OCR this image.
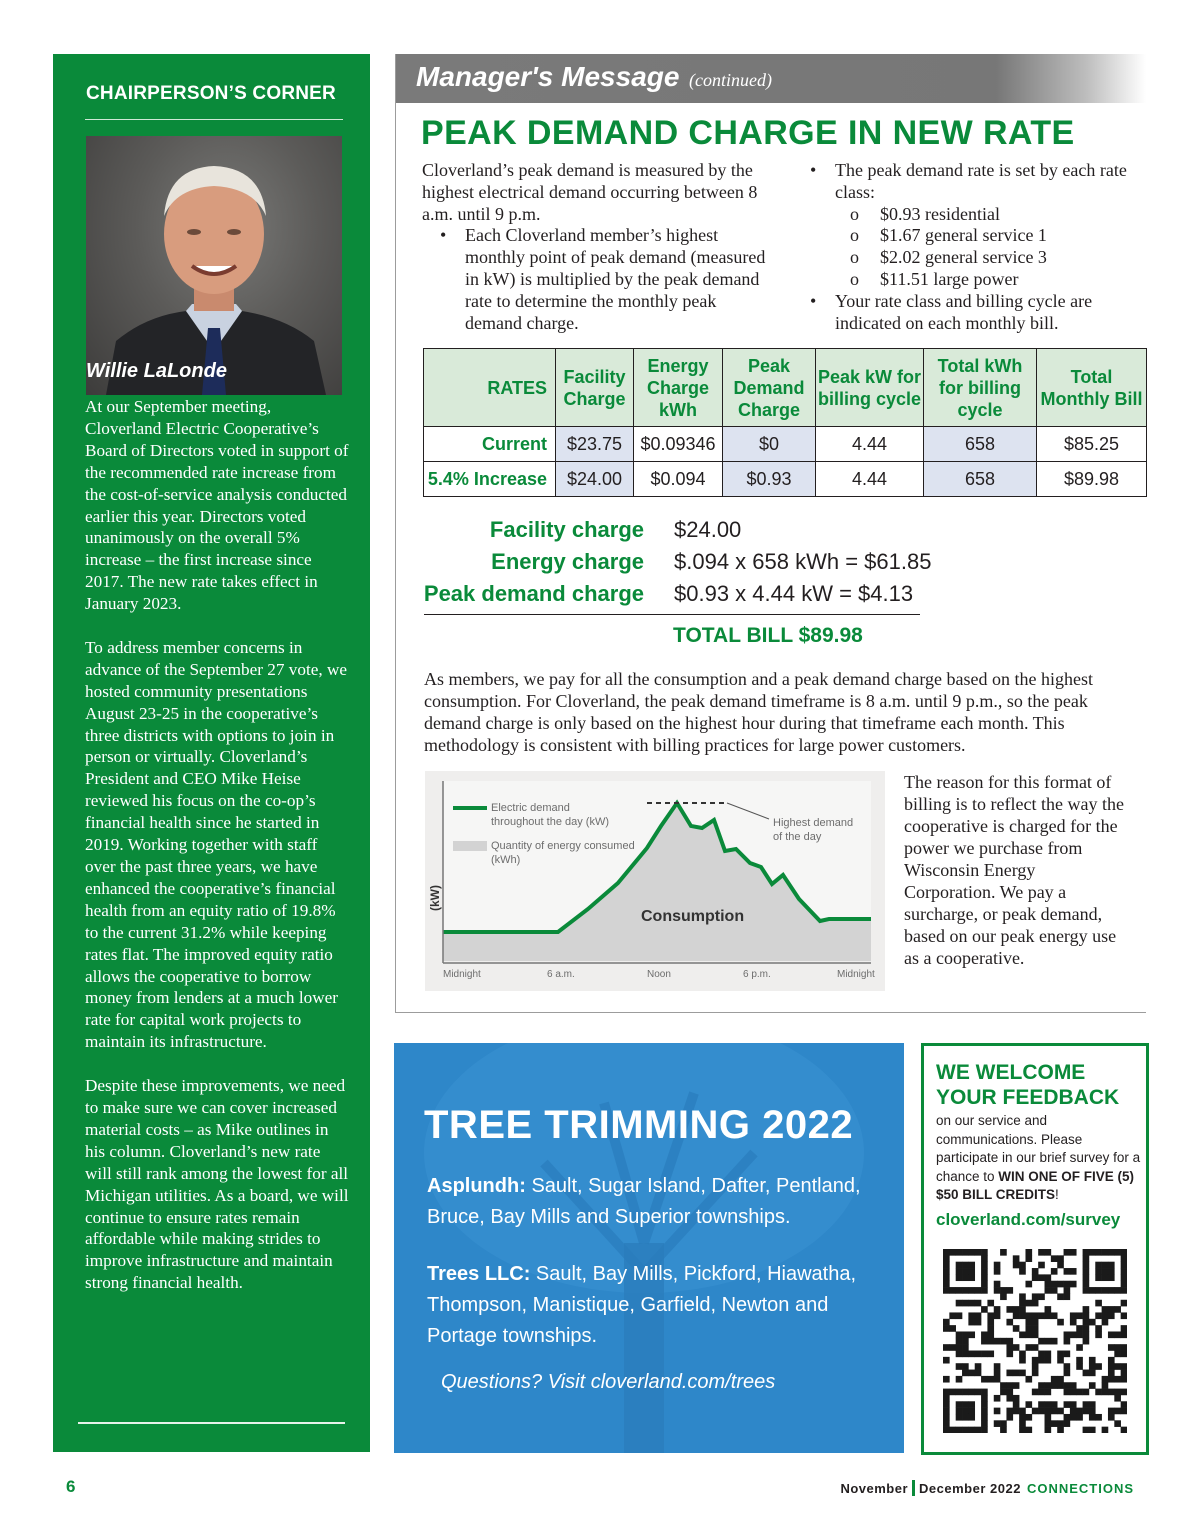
CHAIRPERSON’S CORNER
Willie LaLonde

At our September meeting, Cloverland Electric Cooperative’s Board of Directors voted in support of the recommended rate increase from the cost-of-service analysis conducted earlier this year. Directors voted unanimously on the overall 5% increase – the first increase since 2017. The new rate takes effect in January 2023.

To address member concerns in advance of the September 27 vote, we hosted community presentations August 23-25 in the cooperative’s three districts with options to join in person or virtually. Cloverland’s President and CEO Mike Heise reviewed his focus on the co-op’s financial health since he started in 2019. Working together with staff over the past three years, we have enhanced the cooperative’s financial health from an equity ratio of 19.8% to the current 31.2% while keeping rates flat. The improved equity ratio allows the cooperative to borrow money from lenders at a much lower rate for capital work projects to maintain its infrastructure.

Despite these improvements, we need to make sure we can cover increased material costs – as Mike outlines in his column. Cloverland’s new rate will still rank among the lowest for all Michigan utilities. As a board, we will continue to ensure rates remain affordable while making strides to improve infrastructure and maintain strong financial health.

Manager's Message (continued)
PEAK DEMAND CHARGE IN NEW RATE
Cloverland’s peak demand is measured by the highest electrical demand occurring between 8 a.m. until 9 p.m.
• Each Cloverland member’s highest monthly point of peak demand (measured in kW) is multiplied by the peak demand rate to determine the monthly peak demand charge.
• The peak demand rate is set by each rate class:
o $0.93 residential
o $1.67 general service 1
o $2.02 general service 3
o $11.51 large power
• Your rate class and billing cycle are indicated on each monthly bill.
RATES	Facility Charge	Energy Charge kWh	Peak Demand Charge	Peak kW for billing cycle	Total kWh for billing cycle	Total Monthly Bill
Current	$23.75	$0.09346	$0	4.44	658	$85.25
5.4% Increase	$24.00	$0.094	$0.93	4.44	658	$89.98
Facility charge $24.00
Energy charge $.094 x 658 kWh = $61.85
Peak demand charge $0.93 x 4.44 kW = $4.13
TOTAL BILL $89.98
As members, we pay for all the consumption and a peak demand charge based on the highest consumption. For Cloverland, the peak demand timeframe is 8 a.m. until 9 p.m., so the peak demand charge is only based on the highest hour during that timeframe each month. This methodology is consistent with billing practices for large power customers.
Electric demand
throughout the day (kW)
Quantity of energy consumed
(kWh)
Highest demand
of the day
(kW)
Consumption
Midnight	6 a.m.	Noon	6 p.m.	Midnight
The reason for this format of billing is to reflect the way the cooperative is charged for the power we purchase from Wisconsin Energy Corporation. We pay a surcharge, or peak demand, based on our peak energy use as a cooperative.
TREE TRIMMING 2022
Asplundh: Sault, Sugar Island, Dafter, Pentland, Bruce, Bay Mills and Superior townships.
Trees LLC: Sault, Bay Mills, Pickford, Hiawatha, Thompson, Manistique, Garfield, Newton and Portage townships.
Questions? Visit cloverland.com/trees
WE WELCOME
YOUR FEEDBACK
on our service and communications. Please participate in our brief survey for a chance to WIN ONE OF FIVE (5) $50 BILL CREDITS!
cloverland.com/survey
6	November December 2022 CONNECTIONS
